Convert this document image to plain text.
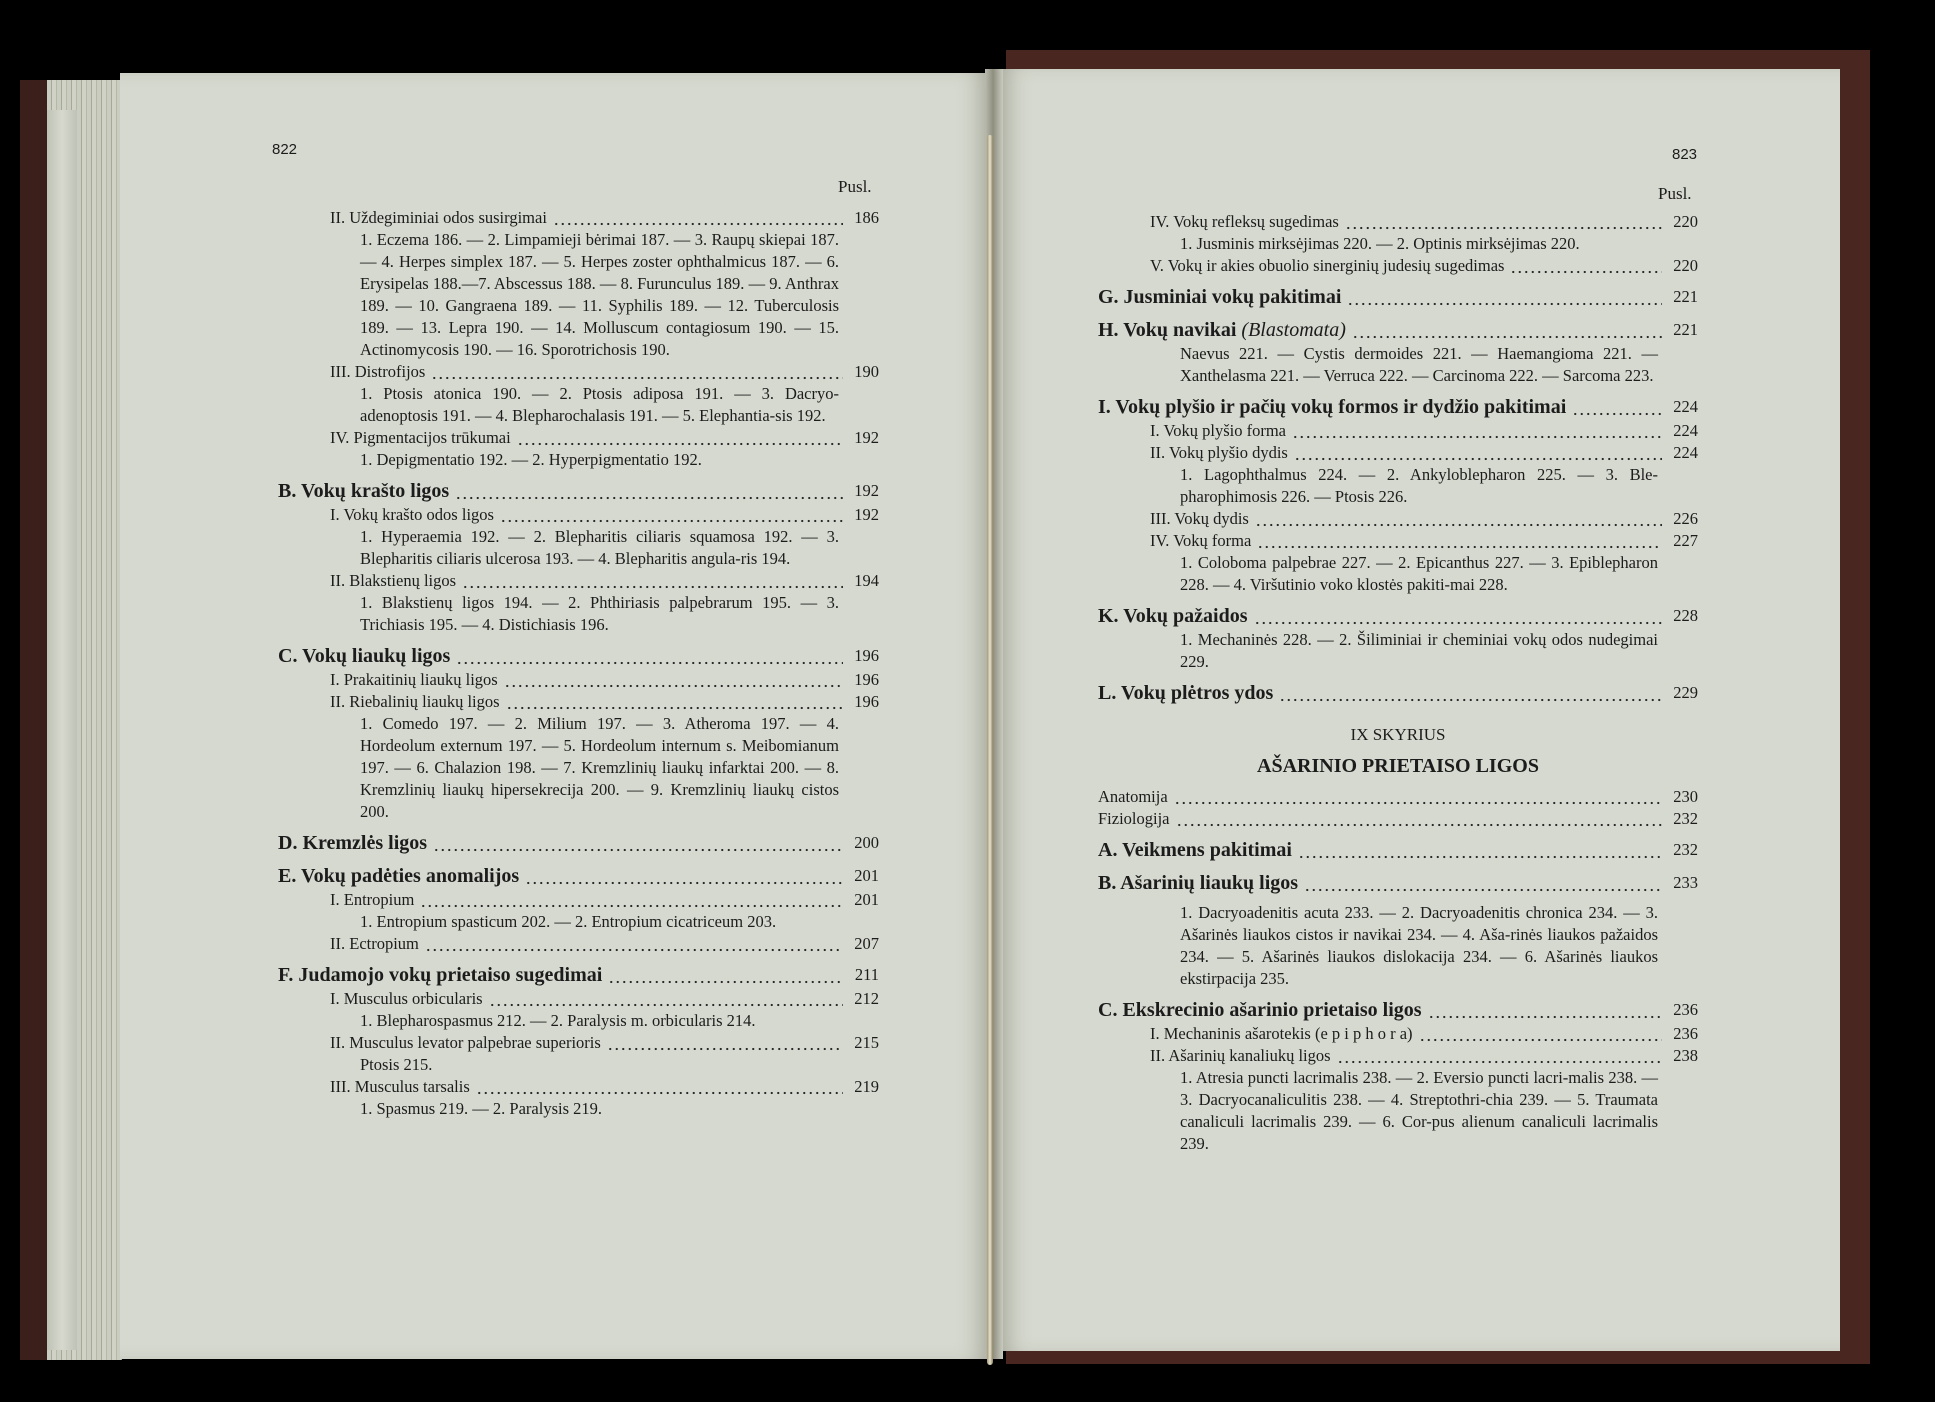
822
Pusl.
II. Uždegiminiai odos susirgimai	186
1. Eczema 186. — 2. Limpamieji bėrimai 187. — 3. Raupų skiepai 187. — 4. Herpes simplex 187. — 5. Herpes zoster ophthalmicus 187. — 6. Erysipelas 188.—7. Abscessus 188. — 8. Furunculus 189. — 9. Anthrax 189. — 10. Gangraena 189. — 11. Syphilis 189. — 12. Tuberculosis 189. — 13. Lepra 190. — 14. Molluscum contagiosum 190. — 15. Actinomycosis 190. — 16. Sporotrichosis 190.
III. Distrofijos	190
1. Ptosis atonica 190. — 2. Ptosis adiposa 191. — 3. Dacryo-adenoptosis 191. — 4. Blepharochalasis 191. — 5. Elephantia-sis 192.
IV. Pigmentacijos trūkumai	192
1. Depigmentatio 192. — 2. Hyperpigmentatio 192.
B. Vokų krašto ligos	192
I. Vokų krašto odos ligos	192
1. Hyperaemia 192. — 2. Blepharitis ciliaris squamosa 192. — 3. Blepharitis ciliaris ulcerosa 193. — 4. Blepharitis angula-ris 194.
II. Blakstienų ligos	194
1. Blakstienų ligos 194. — 2. Phthiriasis palpebrarum 195. — 3. Trichiasis 195. — 4. Distichiasis 196.
C. Vokų liaukų ligos	196
I. Prakaitinių liaukų ligos	196
II. Riebalinių liaukų ligos	196
1. Comedo 197. — 2. Milium 197. — 3. Atheroma 197. — 4. Hordeolum externum 197. — 5. Hordeolum internum s. Meibomianum 197. — 6. Chalazion 198. — 7. Kremzlinių liaukų infarktai 200. — 8. Kremzlinių liaukų hipersekrecija 200. — 9. Kremzlinių liaukų cistos 200.
D. Kremzlės ligos	200
E. Vokų padėties anomalijos	201
I. Entropium	201
1. Entropium spasticum 202. — 2. Entropium cicatriceum 203.
II. Ectropium	207
F. Judamojo vokų prietaiso sugedimai	211
I. Musculus orbicularis	212
1. Blepharospasmus 212. — 2. Paralysis m. orbicularis 214.
II. Musculus levator palpebrae superioris	215
Ptosis 215.
III. Musculus tarsalis	219
1. Spasmus 219. — 2. Paralysis 219.
823
Pusl.
IV. Vokų refleksų sugedimas	220
1. Jusminis mirksėjimas 220. — 2. Optinis mirksėjimas 220.
V. Vokų ir akies obuolio sinerginių judesių sugedimas	220
G. Jusminiai vokų pakitimai	221
H. Vokų navikai (Blastomata)	221
Naevus 221. — Cystis dermoides 221. — Haemangioma 221. — Xanthelasma 221. — Verruca 222. — Carcinoma 222. — Sarcoma 223.
I. Vokų plyšio ir pačių vokų formos ir dydžio pakitimai	224
I. Vokų plyšio forma	224
II. Vokų plyšio dydis	224
1. Lagophthalmus 224. — 2. Ankyloblepharon 225. — 3. Ble-pharophimosis 226. — Ptosis 226.
III. Vokų dydis	226
IV. Vokų forma	227
1. Coloboma palpebrae 227. — 2. Epicanthus 227. — 3. Epiblepharon 228. — 4. Viršutinio voko klostės pakiti-mai 228.
K. Vokų pažaidos	228
1. Mechaninės 228. — 2. Šiliminiai ir cheminiai vokų odos nudegimai 229.
L. Vokų plėtros ydos	229
IX SKYRIUS
AŠARINIO PRIETAISO LIGOS
Anatomija	230
Fiziologija	232
A. Veikmens pakitimai	232
B. Ašarinių liaukų ligos	233
1. Dacryoadenitis acuta 233. — 2. Dacryoadenitis chronica 234. — 3. Ašarinės liaukos cistos ir navikai 234. — 4. Aša-rinės liaukos pažaidos 234. — 5. Ašarinės liaukos dislokacija 234. — 6. Ašarinės liaukos ekstirpacija 235.
C. Ekskrecinio ašarinio prietaiso ligos	236
I. Mechaninis ašarotekis (e p i p h o r a)	236
II. Ašarinių kanaliukų ligos	238
1. Atresia puncti lacrimalis 238. — 2. Eversio puncti lacri-malis 238. — 3. Dacryocanaliculitis 238. — 4. Streptothri-chia 239. — 5. Traumata canaliculi lacrimalis 239. — 6. Cor-pus alienum canaliculi lacrimalis 239.
